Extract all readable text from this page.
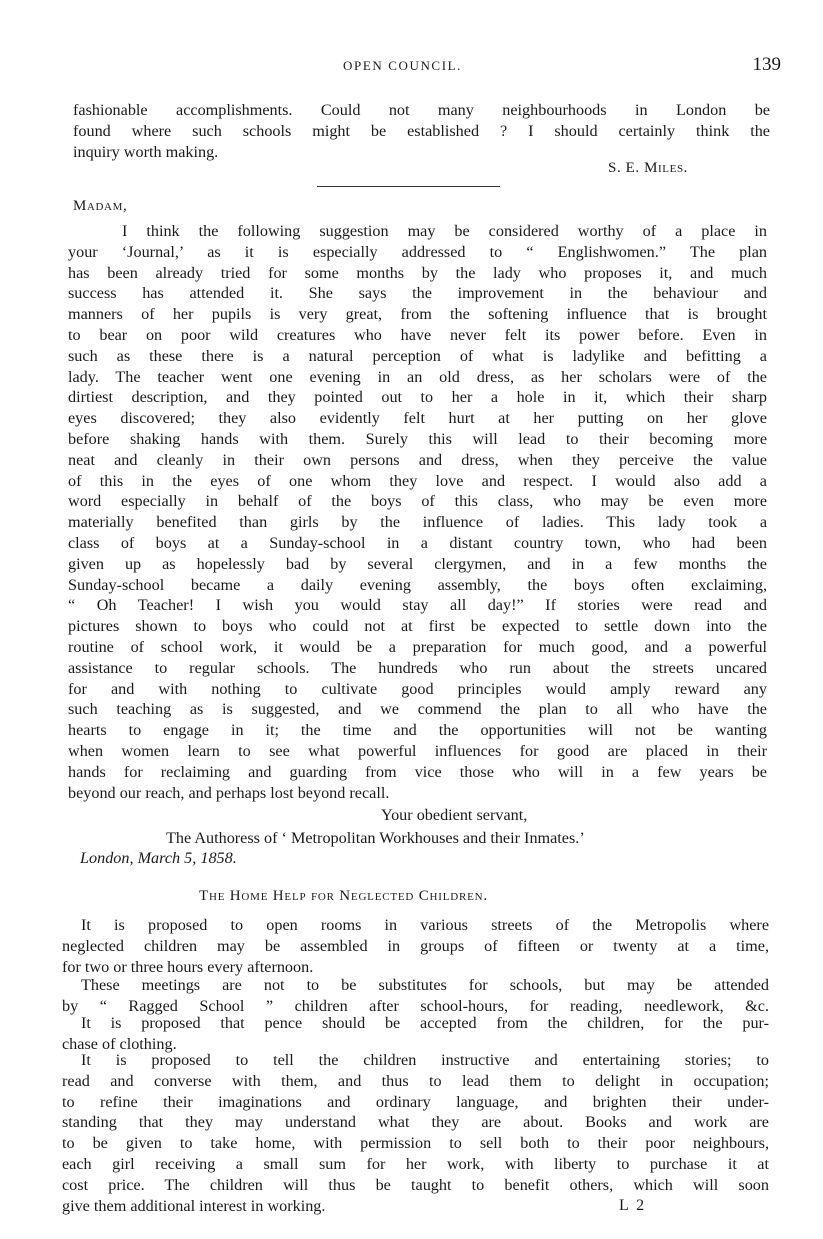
OPEN COUNCIL.	139
fashionable accomplishments. Could not many neighbourhoods in London be
found where such schools might be established ? I should certainly think the
inquiry worth making.
S. E. Miles.
Madam,
I think the following suggestion may be considered worthy of a place in
your ‘Journal,’ as it is especially addressed to “ Englishwomen.” The plan
has been already tried for some months by the lady who proposes it, and much
success has attended it. She says the improvement in the behaviour and
manners of her pupils is very great, from the softening influence that is brought
to bear on poor wild creatures who have never felt its power before. Even in
such as these there is a natural perception of what is ladylike and befitting a
lady. The teacher went one evening in an old dress, as her scholars were of the
dirtiest description, and they pointed out to her a hole in it, which their sharp
eyes discovered; they also evidently felt hurt at her putting on her glove
before shaking hands with them. Surely this will lead to their becoming more
neat and cleanly in their own persons and dress, when they perceive the value
of this in the eyes of one whom they love and respect. I would also add a
word especially in behalf of the boys of this class, who may be even more
materially benefited than girls by the influence of ladies. This lady took a
class of boys at a Sunday-school in a distant country town, who had been
given up as hopelessly bad by several clergymen, and in a few months the
Sunday-school became a daily evening assembly, the boys often exclaiming,
“ Oh Teacher! I wish you would stay all day!” If stories were read and
pictures shown to boys who could not at first be expected to settle down into the
routine of school work, it would be a preparation for much good, and a powerful
assistance to regular schools. The hundreds who run about the streets uncared
for and with nothing to cultivate good principles would amply reward any
such teaching as is suggested, and we commend the plan to all who have the
hearts to engage in it; the time and the opportunities will not be wanting
when women learn to see what powerful influences for good are placed in their
hands for reclaiming and guarding from vice those who will in a few years be
beyond our reach, and perhaps lost beyond recall.
Your obedient servant,
The Authoress of ‘ Metropolitan Workhouses and their Inmates.’
London, March 5, 1858.
The Home Help for Neglected Children.
It is proposed to open rooms in various streets of the Metropolis where
neglected children may be assembled in groups of fifteen or twenty at a time,
for two or three hours every afternoon.
These meetings are not to be substitutes for schools, but may be attended
by “ Ragged School ” children after school-hours, for reading, needlework, &c.
It is proposed that pence should be accepted from the children, for the pur-
chase of clothing.
It is proposed to tell the children instructive and entertaining stories; to
read and converse with them, and thus to lead them to delight in occupation;
to refine their imaginations and ordinary language, and brighten their under-
standing that they may understand what they are about. Books and work are
to be given to take home, with permission to sell both to their poor neighbours,
each girl receiving a small sum for her work, with liberty to purchase it at
cost price. The children will thus be taught to benefit others, which will soon
give them additional interest in working.	L 2
